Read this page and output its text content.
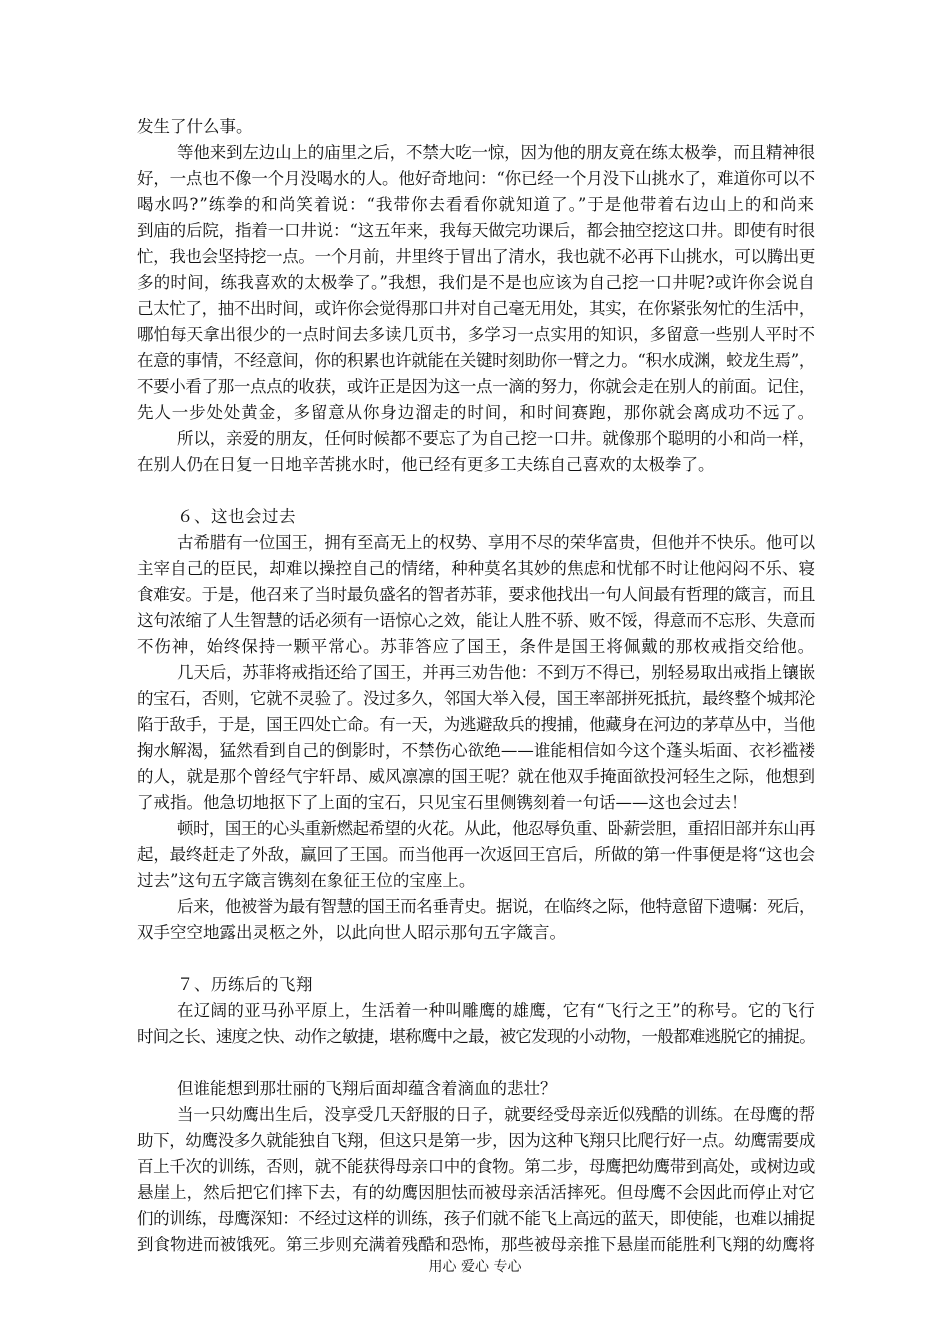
发生了什么事。
等他来到左边山上的庙里之后，不禁大吃一惊，因为他的朋友竟在练太极拳，而且精神很
好，一点也不像一个月没喝水的人。他好奇地问：“你已经一个月没下山挑水了，难道你可以不
喝水吗?”练拳的和尚笑着说：“我带你去看看你就知道了。”于是他带着右边山上的和尚来
到庙的后院，指着一口井说：“这五年来，我每天做完功课后，都会抽空挖这口井。即使有时很
忙，我也会坚持挖一点。一个月前，井里终于冒出了清水，我也就不必再下山挑水，可以腾出更
多的时间，练我喜欢的太极拳了。”我想，我们是不是也应该为自己挖一口井呢?或许你会说自
己太忙了，抽不出时间，或许你会觉得那口井对自己毫无用处，其实，在你紧张匆忙的生活中，
哪怕每天拿出很少的一点时间去多读几页书，多学习一点实用的知识，多留意一些别人平时不
在意的事情，不经意间，你的积累也许就能在关键时刻助你一臂之力。“积水成渊，蛟龙生焉”，
不要小看了那一点点的收获，或许正是因为这一点一滴的努力，你就会走在别人的前面。记住，
先人一步处处黄金，多留意从你身边溜走的时间，和时间赛跑，那你就会离成功不远了。
所以，亲爱的朋友，任何时候都不要忘了为自己挖一口井。就像那个聪明的小和尚一样，
在别人仍在日复一日地辛苦挑水时，他已经有更多工夫练自己喜欢的太极拳了。
６、这也会过去
古希腊有一位国王，拥有至高无上的权势、享用不尽的荣华富贵，但他并不快乐。他可以
主宰自己的臣民，却难以操控自己的情绪，种种莫名其妙的焦虑和忧郁不时让他闷闷不乐、寝
食难安。于是，他召来了当时最负盛名的智者苏菲，要求他找出一句人间最有哲理的箴言，而且
这句浓缩了人生智慧的话必须有一语惊心之效，能让人胜不骄、败不馁，得意而不忘形、失意而
不伤神，始终保持一颗平常心。苏菲答应了国王，条件是国王将佩戴的那枚戒指交给他。
几天后，苏菲将戒指还给了国王，并再三劝告他：不到万不得已，别轻易取出戒指上镶嵌
的宝石，否则，它就不灵验了。没过多久，邻国大举入侵，国王率部拼死抵抗，最终整个城邦沦
陷于敌手，于是，国王四处亡命。有一天，为逃避敌兵的搜捕，他藏身在河边的茅草丛中，当他
掬水解渴，猛然看到自己的倒影时，不禁伤心欲绝——谁能相信如今这个蓬头垢面、衣衫褴褛
的人，就是那个曾经气宇轩昂、威风凛凛的国王呢？就在他双手掩面欲投河轻生之际，他想到
了戒指。他急切地抠下了上面的宝石，只见宝石里侧镌刻着一句话——这也会过去！
顿时，国王的心头重新燃起希望的火花。从此，他忍辱负重、卧薪尝胆，重招旧部并东山再
起，最终赶走了外敌，赢回了王国。而当他再一次返回王宫后，所做的第一件事便是将“这也会
过去”这句五字箴言镌刻在象征王位的宝座上。
后来，他被誉为最有智慧的国王而名垂青史。据说，在临终之际，他特意留下遗嘱：死后，
双手空空地露出灵柩之外，以此向世人昭示那句五字箴言。
７、历练后的飞翔
在辽阔的亚马孙平原上，生活着一种叫雕鹰的雄鹰，它有“飞行之王”的称号。它的飞行
时间之长、速度之快、动作之敏捷，堪称鹰中之最，被它发现的小动物，一般都难逃脱它的捕捉。
但谁能想到那壮丽的飞翔后面却蕴含着滴血的悲壮？
当一只幼鹰出生后，没享受几天舒服的日子，就要经受母亲近似残酷的训练。在母鹰的帮
助下，幼鹰没多久就能独自飞翔，但这只是第一步，因为这种飞翔只比爬行好一点。幼鹰需要成
百上千次的训练，否则，就不能获得母亲口中的食物。第二步，母鹰把幼鹰带到高处，或树边或
悬崖上，然后把它们摔下去，有的幼鹰因胆怯而被母亲活活摔死。但母鹰不会因此而停止对它
们的训练，母鹰深知：不经过这样的训练，孩子们就不能飞上高远的蓝天，即使能，也难以捕捉
到食物进而被饿死。第三步则充满着残酷和恐怖，那些被母亲推下悬崖而能胜利飞翔的幼鹰将
用心 爱心 专心
